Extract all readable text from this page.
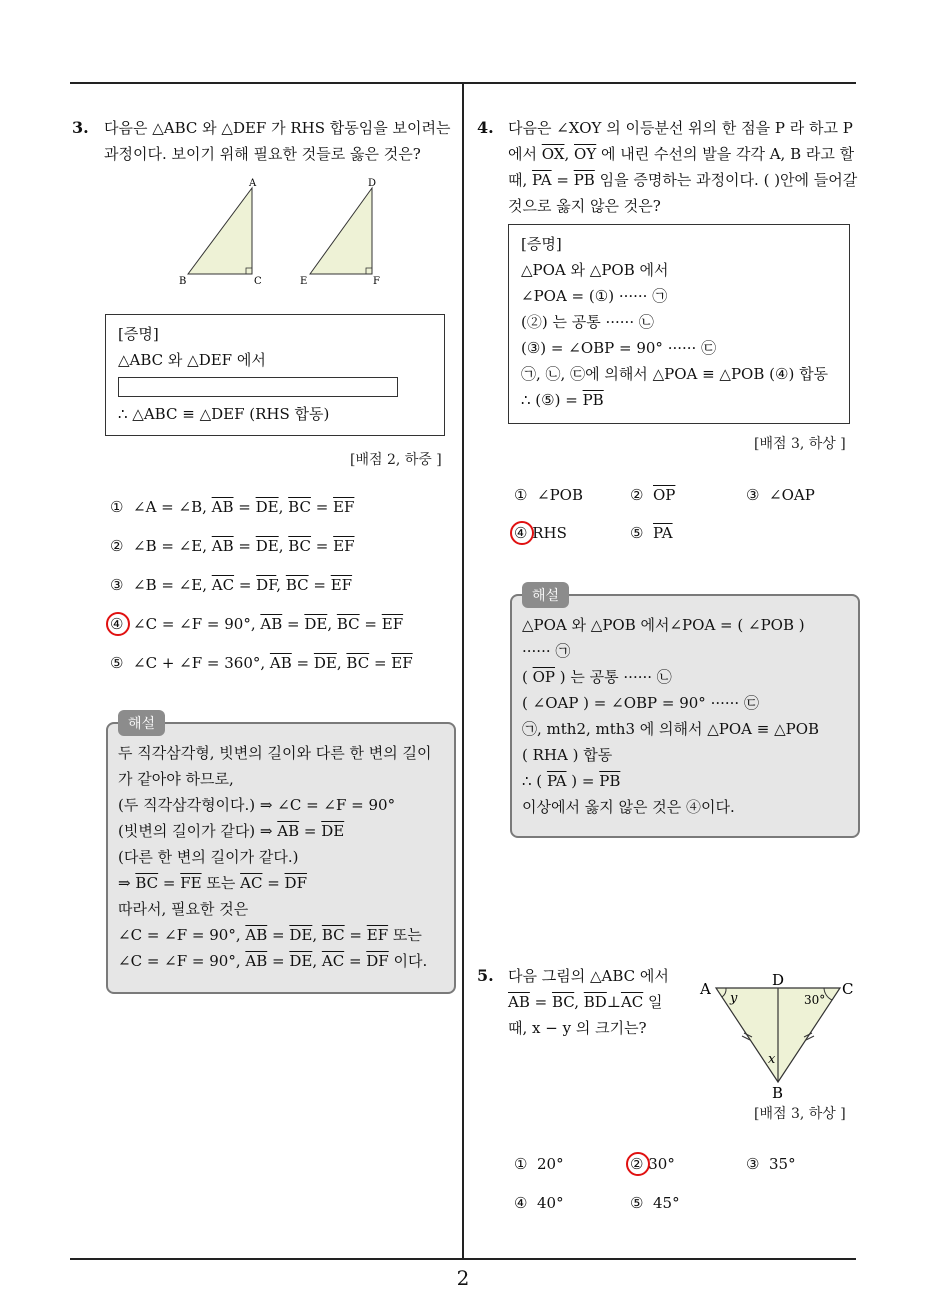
3. 다음은 △ABC 와 △DEF 가 RHS 합동임을 보이려는
과정이다. 보이기 위해 필요한 것들로 옳은 것은?
A
B	C
D
E	F
[증명]
△ABC 와 △DEF 에서
∴ △ABC ≡ △DEF (RHS 합동)
[배점 2, 하중 ]
① ∠A = ∠B, $\overline{AB} = \overline{DE}$, $\overline{BC} = \overline{EF}$
② ∠B = ∠E, $\overline{AB} = \overline{DE}$, $\overline{BC} = \overline{EF}$
③ ∠B = ∠E, $\overline{AC} = \overline{DF}$, $\overline{BC} = \overline{EF}$
④ ∠C = ∠F = 90°, $\overline{AB} = \overline{DE}$, $\overline{BC} = \overline{EF}$
⑤ ∠C + ∠F = 360°, $\overline{AB} = \overline{DE}$, $\overline{BC} = \overline{EF}$
두 직각삼각형, 빗변의 길이와 다른 한 변의 길이
가 같아야 하므로,
(두 직각삼각형이다.) ⇒ ∠C = ∠F = 90°
(빗변의 길이가 같다) ⇒ $\overline{AB} = \overline{DE}$
(다른 한 변의 길이가 같다.)
⇒ $\overline{BC} = \overline{FE}$ 또는 $\overline{AC} = \overline{DF}$
따라서, 필요한 것은
∠C = ∠F = 90°, $\overline{AB} = \overline{DE}$, $\overline{BC} = \overline{EF}$ 또는
∠C = ∠F = 90°, $\overline{AB} = \overline{DE}$, $\overline{AC} = \overline{DF}$ 이다.
해설
4. 다음은 ∠XOY 의 이등분선 위의 한 점을 P 라 하고 P
에서 $\overline{OX}$, $\overline{OY}$ 에 내린 수선의 발을 각각 A, B 라고 할
때, $\overline{PA} = \overline{PB}$ 임을 증명하는 과정이다. ( )안에 들어갈
것으로 옳지 않은 것은?
[증명]
△POA 와 △POB 에서
∠POA = (①) ······ ㉠
(②) 는 공통 ······ ㉡
(③) = ∠OBP = 90° ······ ㉢
㉠, ㉡, ㉢에 의해서 △POA ≡ △POB (④) 합동
∴ (⑤) = $\overline{PB}$
[배점 3, 하상 ]
① ∠POB	② $\overline{OP}$	③ ∠OAP
④ RHS	⑤ $\overline{PA}$
△POA 와 △POB 에서∠POA = ( ∠POB )
······ ㉠
( $\overline{OP}$ ) 는 공통 ······ ㉡
( ∠OAP ) = ∠OBP = 90° ······ ㉢
㉠, mth2, mth3 에 의해서 △POA ≡ △POB
( RHA ) 합동
∴ ( $\overline{PA}$ ) = $\overline{PB}$
이상에서 옳지 않은 것은 ④이다.
해설
5. 다음 그림의 △ABC 에서
$\overline{AB} = \overline{BC}$, $\overline{BD}\perp\overline{AC}$ 일
때, x − y 의 크기는?
A	D	C
B
y
x
30°
[배점 3, 하상 ]
① 20°	② 30°	③ 35°
④ 40°	⑤ 45°
2
